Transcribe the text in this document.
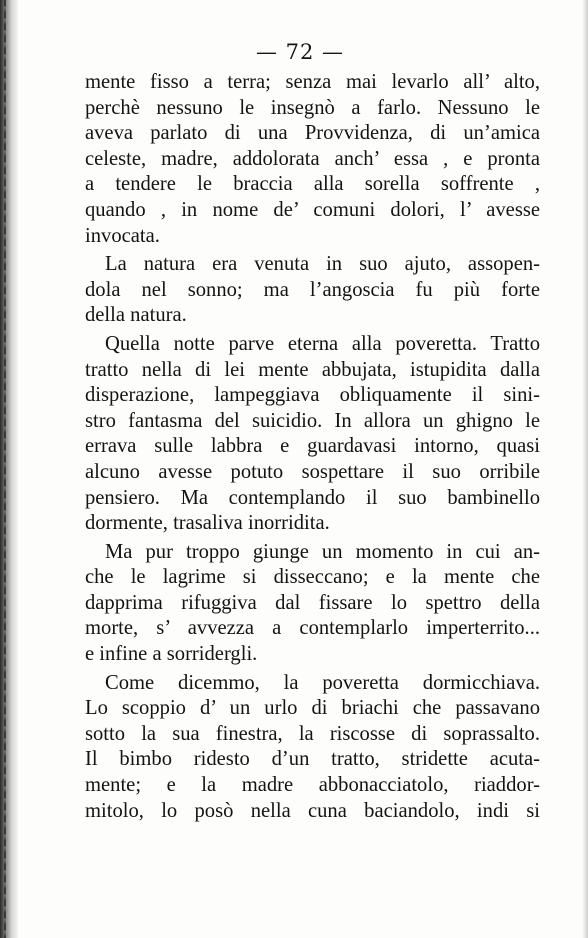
— 72 —
mente fisso a terra; senza mai levarlo all’ alto,
perchè nessuno le insegnò a farlo. Nessuno le
aveva parlato di una Provvidenza, di un’amica
celeste, madre, addolorata anch’ essa , e pronta
a tendere le braccia alla sorella soffrente ,
quando , in nome de’ comuni dolori, l’ avesse
invocata.
La natura era venuta in suo ajuto, assopen-
dola nel sonno; ma l’angoscia fu più forte
della natura.
Quella notte parve eterna alla poveretta. Tratto
tratto nella di lei mente abbujata, istupidita dalla
disperazione, lampeggiava obliquamente il sini-
stro fantasma del suicidio. In allora un ghigno le
errava sulle labbra e guardavasi intorno, quasi
alcuno avesse potuto sospettare il suo orribile
pensiero. Ma contemplando il suo bambinello
dormente, trasaliva inorridita.
Ma pur troppo giunge un momento in cui an-
che le lagrime si disseccano; e la mente che
dapprima rifuggiva dal fissare lo spettro della
morte, s’ avvezza a contemplarlo imperterrito...
e infine a sorridergli.
Come dicemmo, la poveretta dormicchiava.
Lo scoppio d’ un urlo di briachi che passavano
sotto la sua finestra, la riscosse di soprassalto.
Il bimbo ridesto d’un tratto, stridette acuta-
mente; e la madre abbonacciatolo, riaddor-
mitolo, lo posò nella cuna baciandolo, indi si
